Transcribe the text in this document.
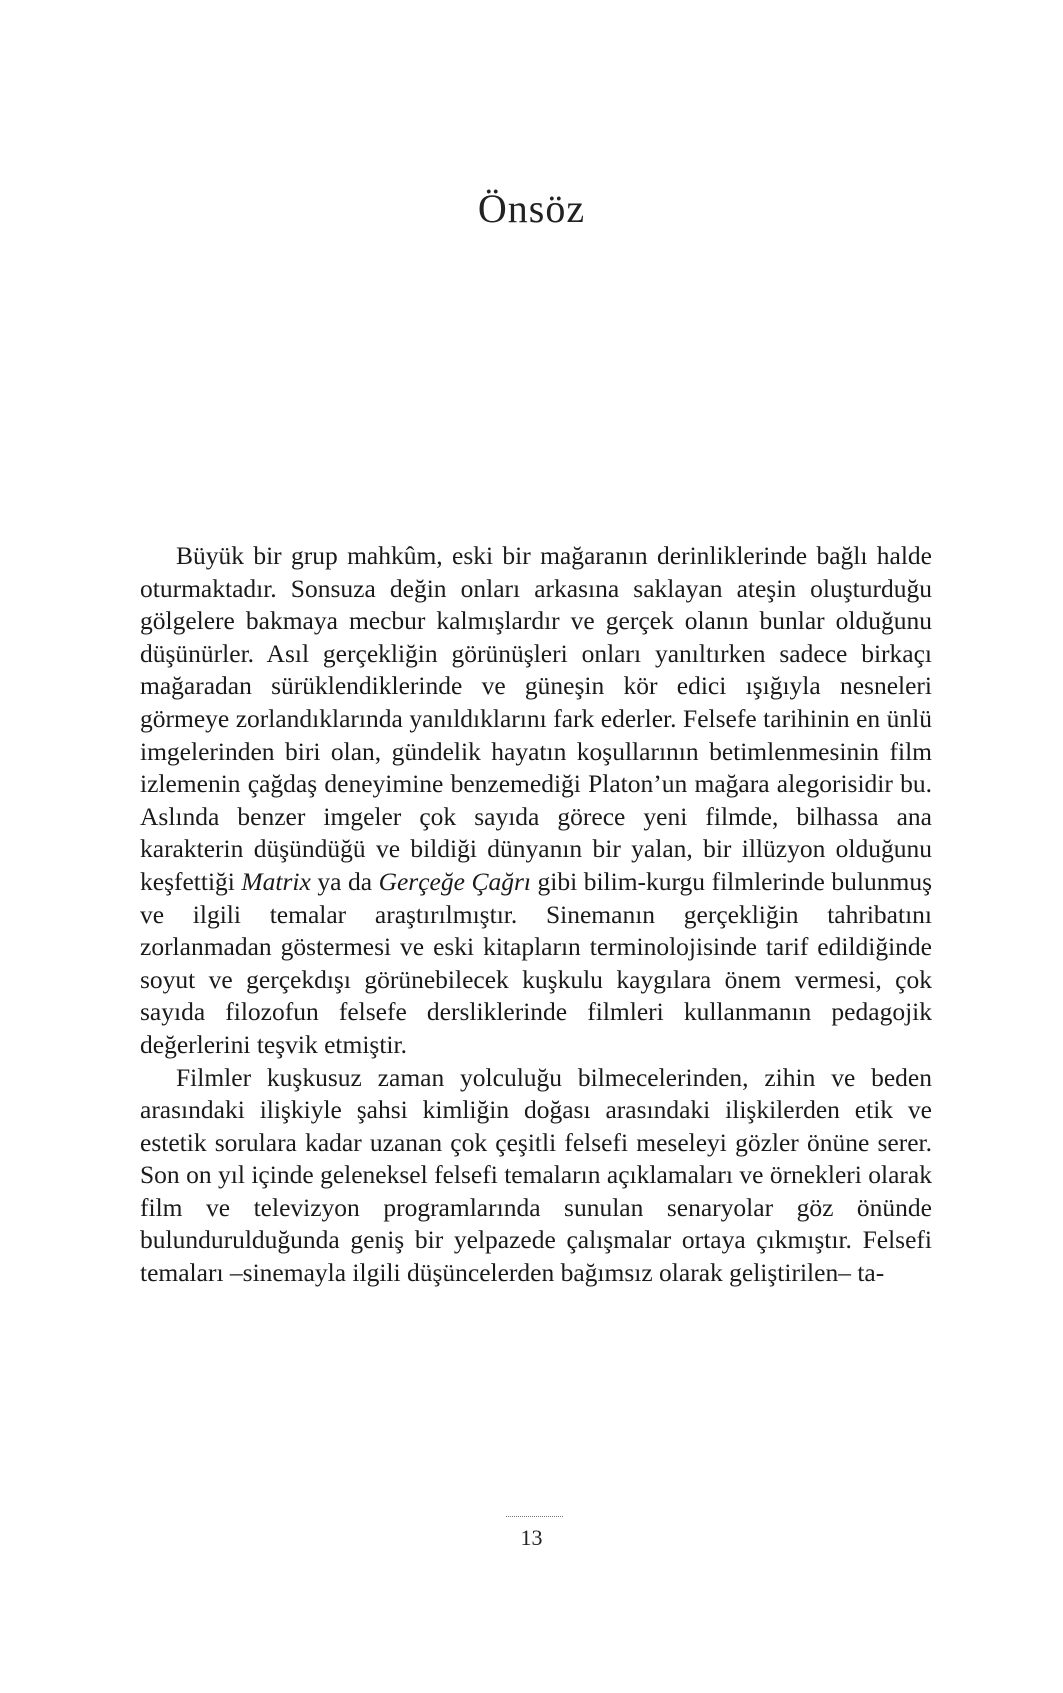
Önsöz

Büyük bir grup mahkûm, eski bir mağaranın derinliklerinde bağlı halde oturmaktadır. Sonsuza değin onları arkasına saklayan ateşin oluşturduğu gölgelere bakmaya mecbur kalmışlardır ve gerçek olanın bunlar olduğunu düşünürler. Asıl gerçekliğin görünüşleri onları yanıltırken sadece birkaçı mağaradan sürüklendiklerinde ve güneşin kör edici ışığıyla nesneleri görmeye zorlandıklarında yanıldıklarını fark ederler. Felsefe tarihinin en ünlü imgelerinden biri olan, gündelik hayatın koşullarının betimlenmesinin film izlemenin çağdaş deneyimine benzemediği Platon’un mağara alegorisidir bu. Aslında benzer imgeler çok sayıda görece yeni filmde, bilhassa ana karakterin düşündüğü ve bildiği dünyanın bir yalan, bir illüzyon olduğunu keşfettiği Matrix ya da Gerçeğe Çağrı gibi bilim-kurgu filmlerinde bulunmuş ve ilgili temalar araştırılmıştır. Sinemanın gerçekliğin tahribatını zorlanmadan göstermesi ve eski kitapların terminolojisinde tarif edildiğinde soyut ve gerçekdışı görünebilecek kuşkulu kaygılara önem vermesi, çok sayıda filozofun felsefe dersliklerinde filmleri kullanmanın pedagojik değerlerini teşvik etmiştir.

Filmler kuşkusuz zaman yolculuğu bilmecelerinden, zihin ve beden arasındaki ilişkiyle şahsi kimliğin doğası arasındaki ilişkilerden etik ve estetik sorulara kadar uzanan çok çeşitli felsefi meseleyi gözler önüne serer. Son on yıl içinde geleneksel felsefi temaların açıklamaları ve örnekleri olarak film ve televizyon programlarında sunulan senaryolar göz önünde bulundurulduğunda geniş bir yelpazede çalışmalar ortaya çıkmıştır. Felsefi temaları –sinemayla ilgili düşüncelerden bağımsız olarak geliştirilen– ta-

13
